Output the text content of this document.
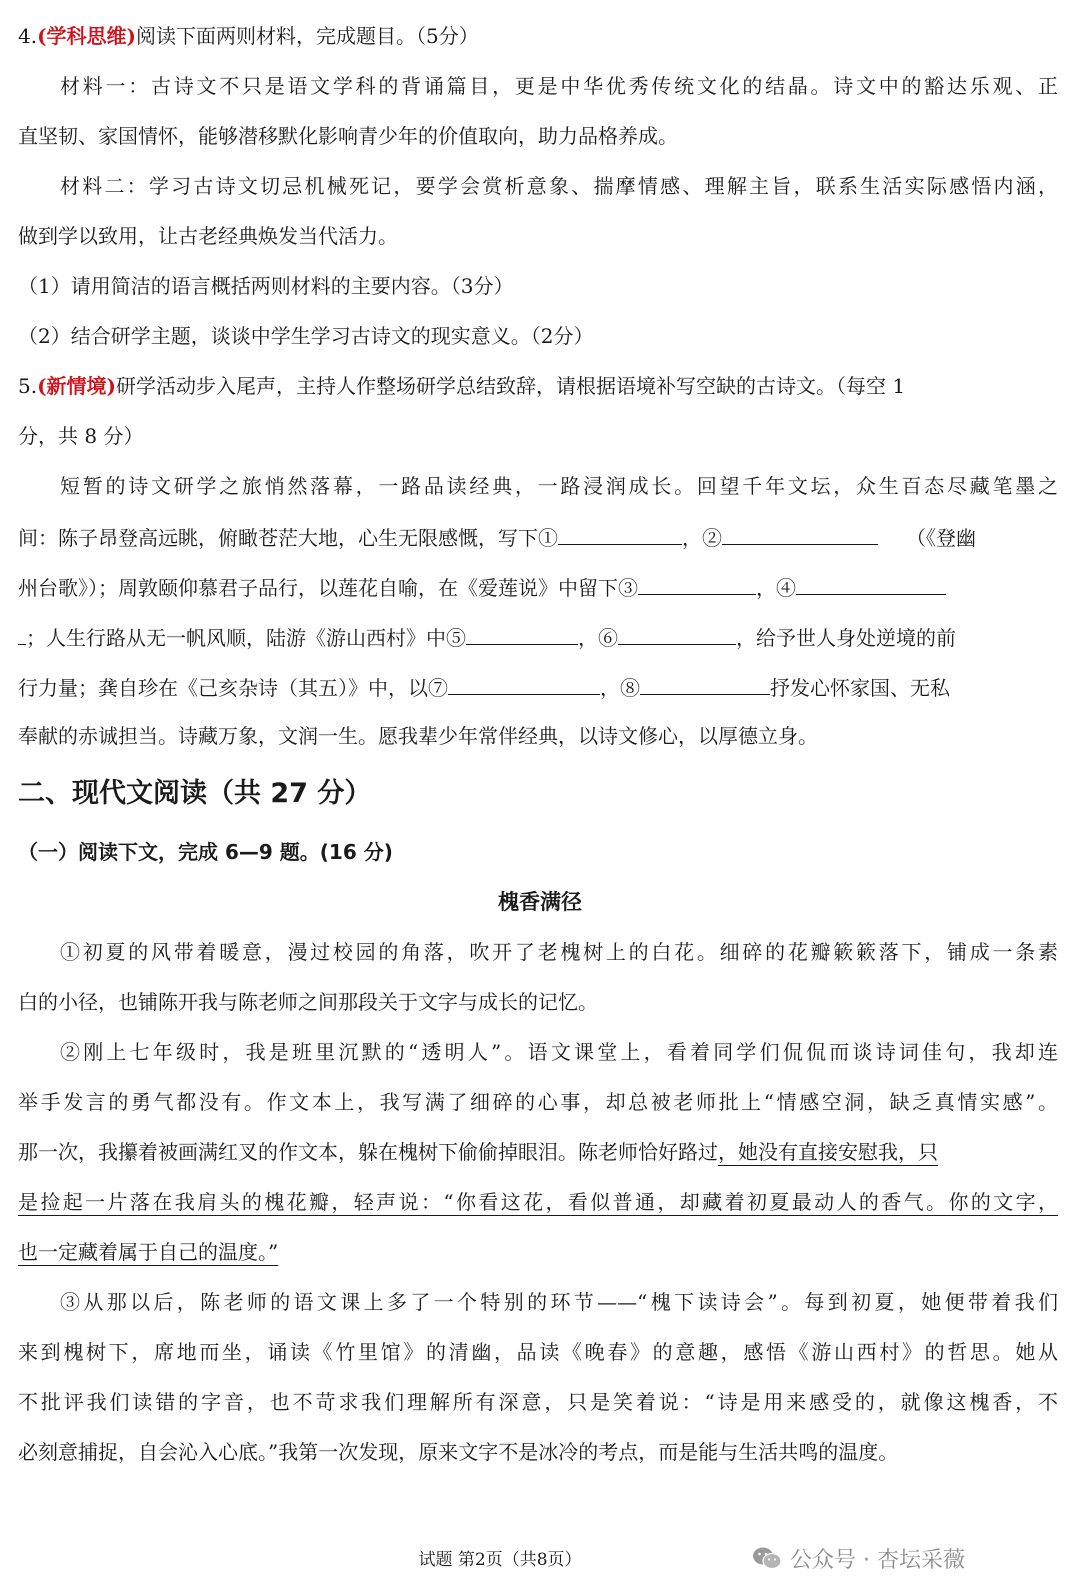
4.(学科思维)阅读下面两则材料，完成题目。（5分）
材料一：古诗文不只是语文学科的背诵篇目，更是中华优秀传统文化的结晶。诗文中的豁达乐观、正
直坚韧、家国情怀，能够潜移默化影响青少年的价值取向，助力品格养成。
材料二：学习古诗文切忌机械死记，要学会赏析意象、揣摩情感、理解主旨，联系生活实际感悟内涵，
做到学以致用，让古老经典焕发当代活力。
（1）请用简洁的语言概括两则材料的主要内容。（3分）
（2）结合研学主题，谈谈中学生学习古诗文的现实意义。（2分）
5.(新情境)研学活动步入尾声，主持人作整场研学总结致辞，请根据语境补写空缺的古诗文。（每空 1
分，共 8 分）
短暂的诗文研学之旅悄然落幕，一路品读经典，一路浸润成长。回望千年文坛，众生百态尽藏笔墨之
间：陈子昂登高远眺，俯瞰苍茫大地，心生无限感慨，写下①	，②	（《登幽
州台歌》）；周敦颐仰慕君子品行，以莲花自喻，在《爱莲说》中留下③	，④
；人生行路从无一帆风顺，陆游《游山西村》中⑤	，⑥	，给予世人身处逆境的前
行力量；龚自珍在《己亥杂诗（其五）》中，以⑦	，⑧	抒发心怀家国、无私
奉献的赤诚担当。诗藏万象，文润一生。愿我辈少年常伴经典，以诗文修心，以厚德立身。
二、现代文阅读（共 27 分）
（一）阅读下文，完成 6—9 题。(16 分)
槐香满径
①初夏的风带着暖意，漫过校园的角落，吹开了老槐树上的白花。细碎的花瓣簌簌落下，铺成一条素
白的小径，也铺陈开我与陈老师之间那段关于文字与成长的记忆。
②刚上七年级时，我是班里沉默的“透明人”。语文课堂上，看着同学们侃侃而谈诗词佳句，我却连
举手发言的勇气都没有。作文本上，我写满了细碎的心事，却总被老师批上“情感空洞，缺乏真情实感”。
那一次，我攥着被画满红叉的作文本，躲在槐树下偷偷掉眼泪。陈老师恰好路过，她没有直接安慰我，只
是捡起一片落在我肩头的槐花瓣，轻声说：“你看这花，看似普通，却藏着初夏最动人的香气。你的文字，
也一定藏着属于自己的温度。”
③从那以后，陈老师的语文课上多了一个特别的环节——“槐下读诗会”。每到初夏，她便带着我们
来到槐树下，席地而坐，诵读《竹里馆》的清幽，品读《晚春》的意趣，感悟《游山西村》的哲思。她从
不批评我们读错的字音，也不苛求我们理解所有深意，只是笑着说：“诗是用来感受的，就像这槐香，不
必刻意捕捉，自会沁入心底。”我第一次发现，原来文字不是冰冷的考点，而是能与生活共鸣的温度。
试题 第2页（共8页）	公众号 · 杏坛采薇
